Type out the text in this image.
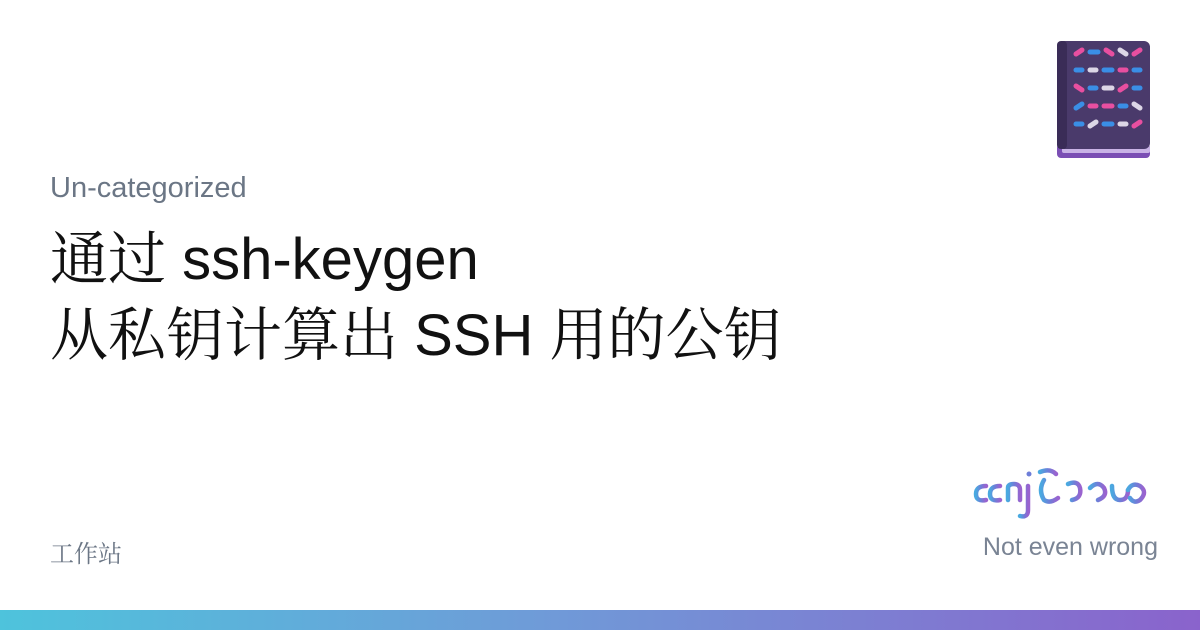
Un-categorized
通过 ssh-keygen
从私钥计算出 SSH 用的公钥
工作站	Not even wrong
